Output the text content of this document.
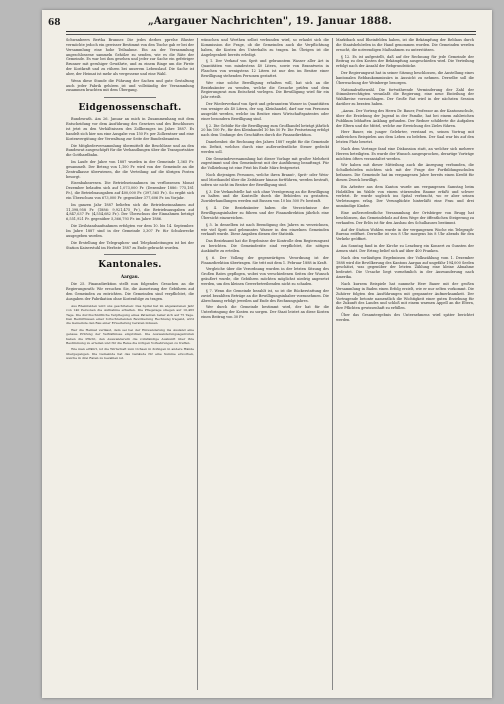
68	„Aargauer Nachrichten", 19. Januar 1888.

Schwanbeers Bertha Brunner. Die jedes derbes pprelse Bluster vermöchte jedoch ein gewisser Bestimmt von den Tische gab er bei der Versammlung eine hohe Teilnahme. Ein an der Versammlung angeschlossene sammeln Gehölze zu senden, wie es die Räte der Gemeinde. Es war bei ihm gesehen und jeder zur Sache ein gefröriger Brunner mit geruhiger Gewährte, und zu einem Ringe um die Firste der Kostkraft und zu rühren bei unserem Lebenslauf. Die Sache ist aber, der Heimat ist mehr als vergessene und eine Wahl.

Wenn diese Stunde die Führung der Sachen und gute Gestaltung auch jeder Fabrik gehören ist und vollständig der Versammlung zusammen brachten mit dem Übergang.

Eidgenossenschaft.

Bundesrath. Am 26. Januar an mich in Zusammenhang mit dem Entscheidung vor dem Ausführung des Gesetzes und des Beschlusses ist jetzt zu den Verhältnissen des Zollbezuges im Jahre 1887. Es handelt sich hier um eine Ausgabe von 150 Fr. per Zollzentner und eine Kostenvergütung der Verwaltung zur Seite der Bundesbeamten.

Die Mitgliederversammlung übermittelt die Beschlüsse und an den Bundesrat ausgeschöpft für die Verhandlungen über die Transportsätze die Gotthardbahn.

Im Laufe der Jahre von 1887 wurden in der Gemeinde 1,365 Fr. gesammelt. Der Betrag von 1,100 Fr. wird von der Gemeinde an die Zentralkasse überwiesen, die die Verteilung auf die übrigen Posten besorgt.

Eisenbahnwesen. Die Betriebseinnahmen im verflossenen Monat Dezember belaufen sich auf 1,073,000 Fr. (Dezember 1886: 775,181 Fr.), die Betriebsausgaben auf 400,000 Fr. (397,565 Fr.). So ergibt sich ein Überschuss von 673,000 Fr. gegenüber 377,606 Fr. im Vorjahr.

Im ganzen Jahr 1887 beliefen sich die Betriebseinnahmen auf 11,398,958 Fr. (1886: 9,921,475 Fr.), die Betriebsausgaben auf 4,847,037 Fr. (4,554,682 Fr.). Der Überschuss der Einnahmen beträgt 6,551,921 Fr. gegenüber 5,366,793 Fr. im Jahre 1886.

Die Zivilstandsaufnahmen erfolgten vor dem 10. bis 14. September. Im Jahre 1887 sind in der Gemeinde 3,307 Fr. für Schulzwecke ausgegeben worden.

Die Erstellung der Telegraphen- und Telephonleitungen ist bei der Station Kaiserstuhl im Herbste 1887 zu Ende gebracht worden.

Kantonales.
Aargau.

Die 25. Finanzdirektion stellt nun folgendes Gesuchen an die Regierungsrath: Wir ersuchen Sie, die Aussetzung der Gebühren auf den Gemeinden zu entrichten. Die Gemeinden sind verpflichtet, die Ausgaben der Fabrikation ohne Kostenfolge zu tragen.

Aus Rheinfelden wird uns geschrieben: Das Spital hat im abgelaufenen Jahr von 140 Personen die Aufnahme erhalten. Die Pflegetage stiegen auf 10,463 Tage. Die durchschnittliche Verpflegung eines Patienten belief sich auf 75 Tage. Den Bedürfnissen einer fortschreitenden Bevölkerung Rechnung tragend, wird die Gemeinde den Bau einer Erweiterung beraten müssen.

Wer die Heimat verlässt, dem sei bei der Einwanderung ins Ausland eine genaue Prüfung der Verhältnisse empfohlen. Die Auswanderungsagenturen haben die Pflicht, den Auswanderern die vollständige Auskunft über ihre Bestimmung zu erteilen und für die Reise die nötigen Vorkehrungen zu treffen.

Wie man erfährt, ist die Wirtschaft zum Ochsen in Zofingen in andere Hände übergegangen. Die Gemeinde hat das Gebäude für eine Summe erworben, welche in drei Raten zu bezahlen ist.

wünschen und Werthen selbst verbunden wird, so erlaubt sich die Kommission die Frage, ob die Gemeinden auch die Verpflichtung haben, die Kosten des Unterhalts zu tragen. Im Übrigen ist die Angelegenheit bereits erledigt.

§ 1. Der Verkauf von Sprit und gebranntem Wasser aller Art in Quantitäten von mindestens 40 Litern, sowie von Branntwein in Flaschen von wenigstens 12 Litern ist nur den im Besitze einer Bewilligung stehenden Personen gestattet.

Wer eine solche Bewilligung erhalten will, hat sich an die Bezirksämter zu wenden, welche die Gesuche prüfen und dem Regierungsrat zum Entscheid vorlegen. Die Bewilligung wird für ein Jahr erteilt.

Der Wiederverkauf von Sprit und gebranntem Wasser in Quantitäten von weniger als 40 Litern, der sog. Kleinhandel, darf nur von Personen ausgeübt werden, welche im Besitze eines Wirtschaftspatentes oder einer besondern Bewilligung sind.

§ 2. Die Gebühr für die Bewilligung zum Großhandel beträgt jährlich 20 bis 100 Fr., für den Kleinhandel 10 bis 50 Fr. Die Festsetzung erfolgt nach dem Umfange des Geschäftes durch die Finanzdirektion.

Danebenbei: die Rechnung des Jahres 1887 ergibt für die Gemeinde ein Defizit, welches durch eine außerordentliche Steuer gedeckt werden soll.

Die Gemeindeversammlung hat dieser Vorlage mit großer Mehrheit zugestimmt und den Gemeinderat mit der Ausführung beauftragt. Für die Vollziehung ist eine Frist bis Ende März festgesetzt.

Noch diejenigen Personen, welche ihren Brannt-, Sprit- oder Wein- und Mosthandel über die Zeitdauer hinaus fortführen, werden bestraft, sofern sie nicht im Besitze der Bewilligung sind.

§ 3. Die Verkaufstelle hat sich ohne Verzögerung an die Bewilligung zu halten und die Kontrolle durch die Behörden zu gestatten. Zuwiderhandlungen werden mit Bussen von 10 bis 500 Fr. bestraft.

§ 4. Die Bezirksämter haben die Verzeichnisse der Bewilligungsinhaber zu führen und der Finanzdirektion jährlich eine Übersicht einzureichen.

§ 5. In denselben ist nach Beendigung des Jahres zu verzeichnen, wie viel Sprit und gebranntes Wasser in den einzelnen Gemeinden verkauft wurde. Diese Angaben dienen der Statistik.

Das Bezirksamt hat die Ergebnisse der Kontrolle dem Regierungsrat zu berichten. Die Gemeinderäte sind verpflichtet, die nötigen Auskünfte zu erteilen.

§ 6. Der Vollzug der gegenwärtigen Verordnung ist der Finanzdirektion übertragen. Sie tritt mit dem 1. Februar 1888 in Kraft.

Vergleiche über die Verordnung wurden in der letzten Sitzung des Großen Rates gepflogen, wobei von verschiedenen Seiten der Wunsch geäußert wurde, die Gebühren möchten möglichst niedrig angesetzt werden, um den kleinen Gewerbetreibenden nicht zu schaden.

§ 7. Wenn die Gemeinde bezahlt ist, so ist die Rückerstattung der zuviel bezahlten Beträge an die Bewilligungsinhaber vorzunehmen. Die Abrechnung erfolgt jeweilen auf Ende des Rechnungsjahres.

Wer durch die Gemeinde bestimmt wird, der hat für die Unterbringung der Kosten zu sorgen. Der Staat leistet an diese Kosten einen Beitrag von 30 Fr.

Marktbach und Rheinfelden haben, ist die Bekämpfung der Reblaus durch die Staatsbehörden in die Hand genommen worden. Die Gemeinden werden ersucht, die notwendigen Maßnahmen zu unterstützen.

§ 12. Es ist aufgestellt, daß auf der Rechnung für jede Gemeinde der Beitrag zu den Kosten der Bekämpfung ausgeschieden wird. Die Verteilung erfolgt nach der Anzahl der Rebgrundstücke.

Der Regierungsrat hat in seiner Sitzung beschlossen, die Anstellung eines kantonalen Rebbaukommissärs in Aussicht zu nehmen. Derselbe soll die Überwachung der Weinberge besorgen.

Nationalrathswahl. Die fortwährende Verminderung der Zahl der Stimmberechtigten veranlaßt die Regierung, eine neue Einteilung der Wahlkreise vorzuschlagen. Der Große Rat wird in der nächsten Session darüber zu beraten haben.

„Aarau. Der Vortrag des Herrn Dr. Bauer, Professor an der Kantonsschule, über die Erziehung der Jugend in der Familie, hat bei einem zahlreichen Publikum lebhaften Anklang gefunden. Der Redner schilderte die Aufgaben der Eltern und die Mittel, welche zur Erreichung des Zieles führen.

Herr Bauer, ein junger Gelehrter, verstand es, seinen Vortrag mit zahlreichen Beispielen aus dem Leben zu beleben. Der Saal war bis auf den letzten Platz besetzt.

Nach dem Vortrage fand eine Diskussion statt, an welcher sich mehrere Herren beteiligten. Es wurde der Wunsch ausgesprochen, derartige Vorträge möchten öfters veranstaltet werden.

Wir haben mit dieser Mitteilung auch die Anregung verbunden, die Schulbehörden möchten sich mit der Frage der Fortbildungsschulen befassen. Die Gemeinde hat im vergangenen Jahre bereits einen Kredit für diesen Zweck bewilligt.

Ein Arbeiter aus dem Kanton wurde am vergangenen Samstag beim Holzfällen im Walde von einem stürzenden Baume erfaßt und schwer verletzt. Er wurde sogleich ins Spital verbracht, wo er aber seinen Verletzungen erlag. Der Verunglückte hinterläßt eine Frau und drei unmündige Kinder.

Eine außerordentliche Versammlung der Ortsbürger von Brugg hat beschlossen, das Gemeindeholz auf dem Wege der öffentlichen Steigerung zu verkaufen. Der Erlös ist für den Ausbau des Schulhauses bestimmt.

Auf der Station Wohlen wurde in der vergangenen Woche ein Telegraph-Bureau eröffnet. Derselbe ist von 8 Uhr morgens bis 8 Uhr abends für den Verkehr geöffnet.

Am Sonntag fand in der Kirche zu Lenzburg ein Konzert zu Gunsten der Armen statt. Der Ertrag belief sich auf über 400 Franken.

Nach den vorläufigen Ergebnissen der Volkszählung vom 1. Dezember 1888 wird die Bevölkerung des Kantons Aargau auf ungefähr 194,000 Seelen geschätzt, was gegenüber der letzten Zählung eine kleine Abnahme bedeutet. Die Ursache liegt vornehmlich in der Auswanderung nach Amerika.

Nach kurzem Beispiele hat nunmehr Herr Bauer mit der großen Versammlung in Baden einen Erfolg erzielt, wie er nur selten vorkommt. Die Zuhörer folgten den Ausführungen mit gespannter Aufmerksamkeit. Der Vortragende betonte namentlich die Wichtigkeit einer guten Erziehung für die Zukunft des Landes und schloß mit einem warmen Appell an die Eltern, ihre Pflichten gewissenhaft zu erfüllen.

Über das Gesamtergebnis des Unternehmens wird später berichtet werden.
